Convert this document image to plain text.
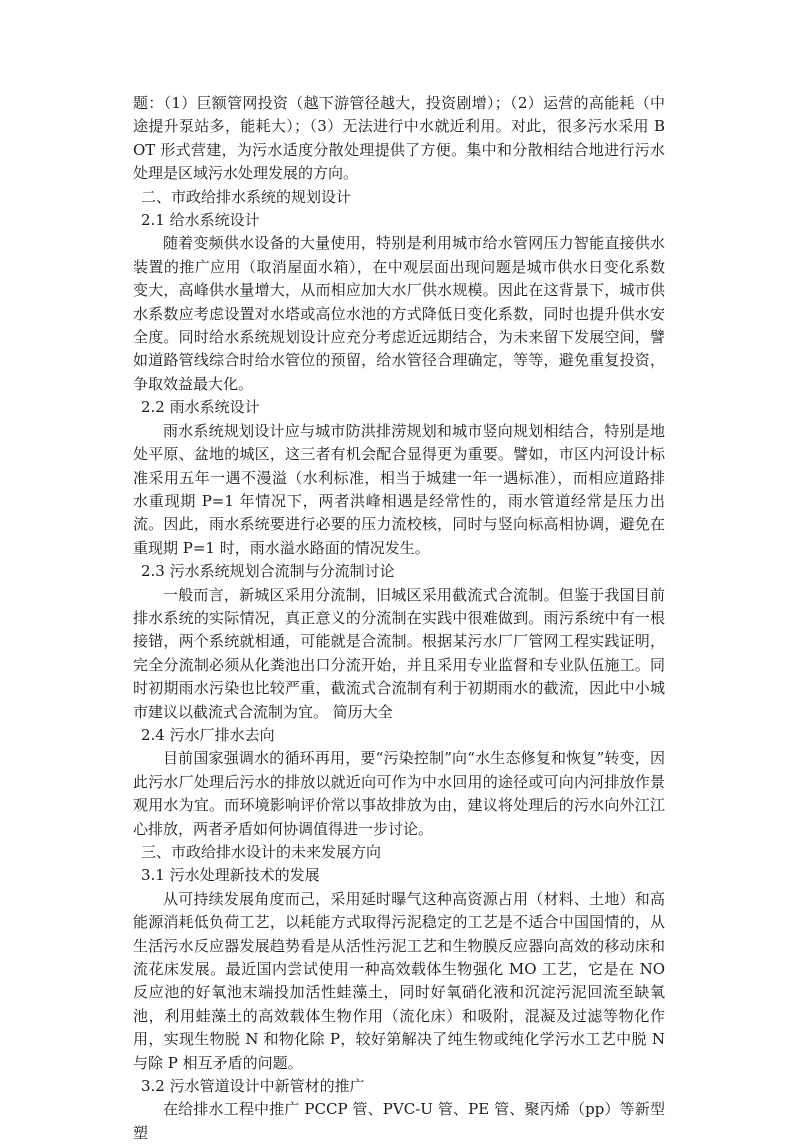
题：（1）巨额管网投资（越下游管径越大，投资剧增）；（2）运营的高能耗（中途提升泵站多，能耗大）；（3）无法进行中水就近利用。对此，很多污水采用 BOT 形式营建，为污水适度分散处理提供了方便。集中和分散相结合地进行污水处理是区域污水处理发展的方向。

二、市政给排水系统的规划设计

2.1 给水系统设计

随着变频供水设备的大量使用，特别是利用城市给水管网压力智能直接供水装置的推广应用（取消屋面水箱），在中观层面出现问题是城市供水日变化系数变大，高峰供水量增大，从而相应加大水厂供水规模。因此在这背景下，城市供水系数应考虑设置对水塔或高位水池的方式降低日变化系数，同时也提升供水安全度。同时给水系统规划设计应充分考虑近远期结合，为未来留下发展空间，譬如道路管线综合时给水管位的预留，给水管径合理确定，等等，避免重复投资，争取效益最大化。

2.2 雨水系统设计

雨水系统规划设计应与城市防洪排涝规划和城市竖向规划相结合，特别是地处平原、盆地的城区，这三者有机会配合显得更为重要。譬如，市区内河设计标准采用五年一遇不漫溢（水利标准，相当于城建一年一遇标准），而相应道路排水重现期 P=1 年情况下，两者洪峰相遇是经常性的，雨水管道经常是压力出流。因此，雨水系统要进行必要的压力流校核，同时与竖向标高相协调，避免在重现期 P=1 时，雨水溢水路面的情况发生。

2.3 污水系统规划合流制与分流制讨论

一般而言，新城区采用分流制，旧城区采用截流式合流制。但鉴于我国目前排水系统的实际情况，真正意义的分流制在实践中很难做到。雨污系统中有一根接错，两个系统就相通，可能就是合流制。根据某污水厂厂管网工程实践证明，完全分流制必须从化粪池出口分流开始，并且采用专业监督和专业队伍施工。同时初期雨水污染也比较严重，截流式合流制有利于初期雨水的截流，因此中小城市建议以截流式合流制为宜。 简历大全

2.4 污水厂排水去向

目前国家强调水的循环再用，要“污染控制”向“水生态修复和恢复”转变，因此污水厂处理后污水的排放以就近向可作为中水回用的途径或可向内河排放作景观用水为宜。而环境影响评价常以事故排放为由，建议将处理后的污水向外江江心排放，两者矛盾如何协调值得进一步讨论。

三、市政给排水设计的未来发展方向

3.1 污水处理新技术的发展

从可持续发展角度而己，采用延时曝气这种高资源占用（材料、土地）和高能源消耗低负荷工艺，以耗能方式取得污泥稳定的工艺是不适合中国国情的，从生活污水反应器发展趋势看是从活性污泥工艺和生物膜反应器向高效的移动床和流花床发展。最近国内尝试使用一种高效载体生物强化 MO 工艺，它是在 NO 反应池的好氧池末端投加活性蛙藻土，同时好氧硝化液和沉淀污泥回流至缺氧池，利用蛙藻土的高效载体生物作用（流化床）和吸附，混凝及过滤等物化作用，实现生物脱 N 和物化除 P，较好第解决了纯生物或纯化学污水工艺中脱 N 与除 P 相互矛盾的问题。

3.2 污水管道设计中新管材的推广

在给排水工程中推广 PCCP 管、PVC-U 管、PE 管、聚丙烯（pp）等新型塑
